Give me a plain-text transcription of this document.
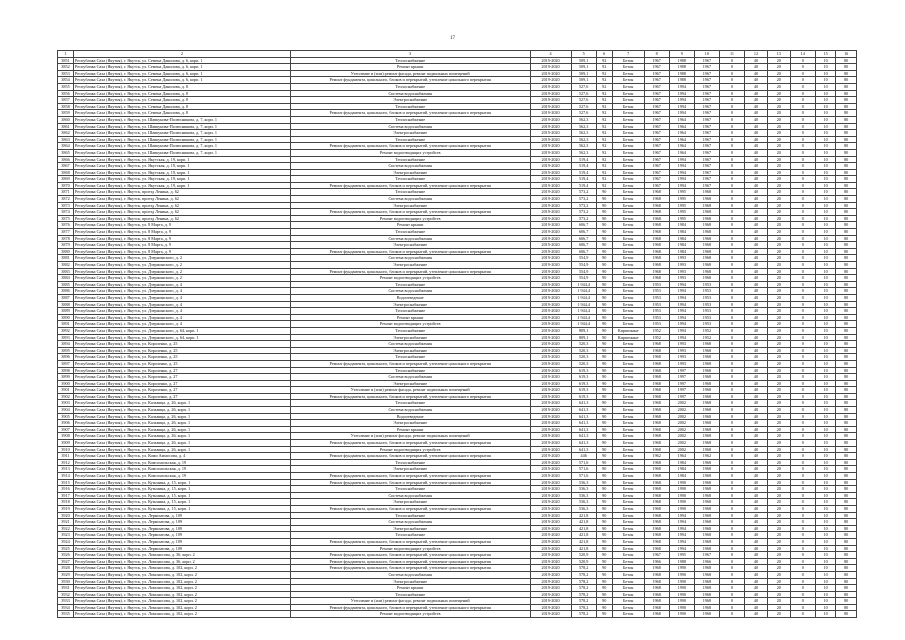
17
1	2	3	4	5	6	7	8	9	10	11	12	13	14	15	16
3851	Республика Саха (Якутия), г. Якутск, ул. Семена Данилова, д. 6, корп. 1	Теплоснабжение	2019-2020	509,1	92	Бетон	1967	1988	1967	0	40	20	0	10	80
3852	Республика Саха (Якутия), г. Якутск, ул. Семена Данилова, д. 6, корп. 1	Ремонт крыши	2019-2020	509,1	92	Бетон	1967	1988	1967	0	40	20	0	10	80
3853	Республика Саха (Якутия), г. Якутск, ул. Семена Данилова, д. 6, корп. 1	Утепление и (или) ремонт фасада, ремонт подвальных помещений	2019-2020	509,1	92	Бетон	1967	1988	1967	0	40	20	0	10	80
3854	Республика Саха (Якутия), г. Якутск, ул. Семена Данилова, д. 6, корп. 1	Ремонт фундамента, цокольного, блоков и перекрытий, утепление цокольного перекрытия	2019-2020	509,1	92	Бетон	1967	1988	1967	0	40	20	0	10	80
3855	Республика Саха (Якутия), г. Якутск, ул. Семена Данилова, д. 8	Теплоснабжение	2019-2020	527,6	92	Бетон	1967	1994	1967	0	40	20	0	10	80
3856	Республика Саха (Якутия), г. Якутск, ул. Семена Данилова, д. 8	Система водоснабжения	2019-2020	527,6	92	Бетон	1967	1994	1967	0	40	20	0	10	80
3857	Республика Саха (Якутия), г. Якутск, ул. Семена Данилова, д. 8	Электроснабжение	2019-2020	527,6	92	Бетон	1967	1994	1967	0	40	20	0	10	80
3858	Республика Саха (Якутия), г. Якутск, ул. Семена Данилова, д. 8	Теплоснабжение	2019-2020	527,6	92	Бетон	1967	1994	1967	0	40	20	0	10	80
3859	Республика Саха (Якутия), г. Якутск, ул. Семена Данилова, д. 8	Ремонт фундамента, цокольного, блоков и перекрытий, утепление цокольного перекрытия	2019-2020	527,6	92	Бетон	1967	1994	1967	0	40	20	0	10	80
3860	Республика Саха (Якутия), г. Якутск, ул. Шавкунова-Полюсникова, д. 7, корп. 1	Теплоснабжение	2019-2020	562,3	92	Бетон	1967	1964	1967	0	40	20	0	10	80
3861	Республика Саха (Якутия), г. Якутск, ул. Шавкунова-Полюсникова, д. 7, корп. 1	Система водоснабжения	2019-2020	562,3	92	Бетон	1967	1964	1967	0	40	20	0	10	80
3862	Республика Саха (Якутия), г. Якутск, ул. Шавкунова-Полюсникова, д. 7, корп. 1	Электроснабжение	2019-2020	562,3	92	Бетон	1967	1964	1967	0	40	20	0	10	80
3863	Республика Саха (Якутия), г. Якутск, ул. Шавкунова-Полюсникова, д. 7, корп. 1	Теплоснабжение	2019-2020	562,3	92	Бетон	1967	1964	1967	0	40	20	0	10	80
3864	Республика Саха (Якутия), г. Якутск, ул. Шавкунова-Полюсникова, д. 7, корп. 1	Ремонт фундамента, цокольного, блоков и перекрытий, утепление цокольного перекрытия	2019-2020	562,3	92	Бетон	1967	1964	1967	0	40	20	0	10	80
3865	Республика Саха (Якутия), г. Якутск, ул. Шавкунова-Полюсникова, д. 7, корп. 1	Ремонт водоотводящих устройств	2019-2020	562,3	92	Бетон	1967	1964	1967	0	40	20	0	10	80
3866	Республика Саха (Якутия), г. Якутск, ул. Якутская, д. 19, корп. 1	Теплоснабжение	2019-2020	519,4	92	Бетон	1967	1994	1967	0	40	20	0	10	80
3867	Республика Саха (Якутия), г. Якутск, ул. Якутская, д. 19, корп. 1	Система водоснабжения	2019-2020	519,4	92	Бетон	1967	1994	1967	0	40	20	0	10	80
3868	Республика Саха (Якутия), г. Якутск, ул. Якутская, д. 19, корп. 1	Электроснабжение	2019-2020	519,4	92	Бетон	1967	1994	1967	0	40	20	0	10	80
3869	Республика Саха (Якутия), г. Якутск, ул. Якутская, д. 19, корп. 1	Теплоснабжение	2019-2020	519,4	92	Бетон	1967	1994	1967	0	40	20	0	10	80
3870	Республика Саха (Якутия), г. Якутск, ул. Якутская, д. 19, корп. 1	Ремонт фундамента, цокольного, блоков и перекрытий, утепление цокольного перекрытия	2019-2020	519,4	92	Бетон	1967	1994	1967	0	40	20	0	10	80
3871	Республика Саха (Якутия), г. Якутск, проезд Ленина, д. 62	Теплоснабжение	2019-2020	573,2	90	Бетон	1968	1995	1968	0	40	20	0	10	80
3872	Республика Саха (Якутия), г. Якутск, проезд Ленина, д. 62	Система водоснабжения	2019-2020	573,2	90	Бетон	1968	1995	1968	0	40	20	0	10	80
3873	Республика Саха (Якутия), г. Якутск, проезд Ленина, д. 62	Электроснабжение	2019-2020	573,2	90	Бетон	1968	1995	1968	0	40	20	0	10	80
3874	Республика Саха (Якутия), г. Якутск, проезд Ленина, д. 62	Ремонт фундамента, цокольного, блоков и перекрытий, утепление цокольного перекрытия	2019-2020	573,2	90	Бетон	1968	1995	1968	0	40	20	0	10	80
3875	Республика Саха (Якутия), г. Якутск, проезд Ленина, д. 62	Ремонт водоотводящих устройств	2019-2020	573,2	90	Бетон	1968	1995	1968	0	40	20	0	10	80
3876	Республика Саха (Якутия), г. Якутск, ул. 8 Марта, д. 9	Ремонт крыши	2019-2020	606,7	90	Бетон	1968	1984	1968	0	40	20	0	10	80
3877	Республика Саха (Якутия), г. Якутск, ул. 8 Марта, д. 9	Теплоснабжение	2019-2020	606,7	90	Бетон	1968	1984	1968	0	40	20	0	10	80
3878	Республика Саха (Якутия), г. Якутск, ул. 8 Марта, д. 9	Система водоснабжения	2019-2020	606,7	90	Бетон	1968	1984	1968	0	40	20	0	10	80
3879	Республика Саха (Якутия), г. Якутск, ул. 8 Марта, д. 9	Электроснабжение	2019-2020	606,7	90	Бетон	1968	1984	1968	0	40	20	0	10	80
3880	Республика Саха (Якутия), г. Якутск, ул. 8 Марта, д. 9	Ремонт фундамента, цокольного, блоков и перекрытий, утепление цокольного перекрытия	2019-2020	606,7	90	Бетон	1968	1984	1968	0	40	20	0	10	80
3881	Республика Саха (Якутия), г. Якутск, ул. Дзержинского, д. 2	Система водоснабжения	2019-2020	554,9	90	Бетон	1968	1993	1968	0	40	20	0	10	80
3882	Республика Саха (Якутия), г. Якутск, ул. Дзержинского, д. 2	Электроснабжение	2019-2020	554,9	90	Бетон	1968	1993	1968	0	40	20	0	10	80
3883	Республика Саха (Якутия), г. Якутск, ул. Дзержинского, д. 2	Ремонт фундамента, цокольного, блоков и перекрытий, утепление цокольного перекрытия	2019-2020	554,9	90	Бетон	1968	1993	1968	0	40	20	0	10	80
3884	Республика Саха (Якутия), г. Якутск, ул. Дзержинского, д. 2	Ремонт водоотводящих устройств	2019-2020	554,9	90	Бетон	1968	1993	1968	0	40	20	0	10	80
3885	Республика Саха (Якутия), г. Якутск, ул. Дзержинского, д. 4	Теплоснабжение	2019-2020	1 944,4	90	Бетон	1953	1994	1953	0	40	20	0	10	80
3886	Республика Саха (Якутия), г. Якутск, ул. Дзержинского, д. 4	Система водоснабжения	2019-2020	1 944,4	90	Бетон	1953	1994	1953	0	40	20	0	10	80
3887	Республика Саха (Якутия), г. Якутск, ул. Дзержинского, д. 4	Водоотведение	2019-2020	1 944,4	90	Бетон	1953	1994	1953	0	40	20	0	10	80
3888	Республика Саха (Якутия), г. Якутск, ул. Дзержинского, д. 4	Электроснабжение	2019-2020	1 944,4	90	Бетон	1953	1994	1953	0	40	20	0	10	80
3889	Республика Саха (Якутия), г. Якутск, ул. Дзержинского, д. 4	Теплоснабжение	2019-2020	1 944,4	90	Бетон	1953	1994	1953	0	40	20	0	10	80
3890	Республика Саха (Якутия), г. Якутск, ул. Дзержинского, д. 4	Ремонт крыши	2019-2020	1 944,4	90	Бетон	1953	1994	1953	0	40	20	0	10	80
3891	Республика Саха (Якутия), г. Якутск, ул. Дзержинского, д. 4	Ремонт водоотводящих устройств	2019-2020	1 944,4	90	Бетон	1953	1994	1953	0	40	20	0	10	80
3892	Республика Саха (Якутия), г. Якутск, ул. Дзержинского, д. 64, корп. 1	Теплоснабжение	2019-2020	809,1	90	Кирпичные	1952	1994	1952	0	40	20	0	10	80
3893	Республика Саха (Якутия), г. Якутск, ул. Дзержинского, д. 64, корп. 1	Электроснабжение	2019-2020	809,1	90	Кирпичные	1952	1994	1952	0	40	20	0	10	80
3894	Республика Саха (Якутия), г. Якутск, ул. Короленко, д. 25	Система водоснабжения	2019-2020	520,3	90	Бетон	1968	1993	1968	0	40	20	0	10	80
3895	Республика Саха (Якутия), г. Якутск, ул. Короленко, д. 25	Электроснабжение	2019-2020	520,3	90	Бетон	1968	1993	1968	0	40	20	0	10	80
3896	Республика Саха (Якутия), г. Якутск, ул. Короленко, д. 25	Теплоснабжение	2019-2020	520,3	90	Бетон	1968	1993	1968	0	40	20	0	10	80
3897	Республика Саха (Якутия), г. Якутск, ул. Короленко, д. 25	Ремонт фундамента, цокольного, блоков и перекрытий, утепление цокольного перекрытия	2019-2020	520,3	90	Бетон	1968	1993	1968	0	40	20	0	10	80
3898	Республика Саха (Якутия), г. Якутск, ул. Короленко, д. 27	Теплоснабжение	2019-2020	619,3	90	Бетон	1968	1997	1968	0	40	20	0	10	80
3899	Республика Саха (Якутия), г. Якутск, ул. Короленко, д. 27	Система водоснабжения	2019-2020	619,3	90	Бетон	1968	1997	1968	0	40	20	0	10	80
3900	Республика Саха (Якутия), г. Якутск, ул. Короленко, д. 27	Электроснабжение	2019-2020	619,3	90	Бетон	1968	1997	1968	0	40	20	0	10	80
3901	Республика Саха (Якутия), г. Якутск, ул. Короленко, д. 27	Утепление и (или) ремонт фасада, ремонт подвальных помещений	2019-2020	619,3	90	Бетон	1968	1997	1968	0	40	20	0	10	80
3902	Республика Саха (Якутия), г. Якутск, ул. Короленко, д. 27	Ремонт фундамента, цокольного, блоков и перекрытий, утепление цокольного перекрытия	2019-2020	619,3	90	Бетон	1968	1997	1968	0	40	20	0	10	80
3903	Республика Саха (Якутия), г. Якутск, ул. Кальвица, д. 26, корп. 1	Теплоснабжение	2019-2020	641,3	90	Бетон	1968	2002	1968	0	40	20	0	10	80
3904	Республика Саха (Якутия), г. Якутск, ул. Кальвица, д. 26, корп. 1	Система водоснабжения	2019-2020	641,3	90	Бетон	1968	2002	1968	0	40	20	0	10	80
3905	Республика Саха (Якутия), г. Якутск, ул. Кальвица, д. 26, корп. 1	Водоотведение	2019-2020	641,3	90	Бетон	1968	2002	1968	0	40	20	0	10	80
3906	Республика Саха (Якутия), г. Якутск, ул. Кальвица, д. 26, корп. 1	Электроснабжение	2019-2020	641,3	90	Бетон	1968	2002	1968	0	40	20	0	10	80
3907	Республика Саха (Якутия), г. Якутск, ул. Кальвица, д. 26, корп. 1	Ремонт крыши	2019-2020	641,3	90	Бетон	1968	2002	1968	0	40	20	0	10	80
3908	Республика Саха (Якутия), г. Якутск, ул. Кальвица, д. 26, корп. 1	Утепление и (или) ремонт фасада, ремонт подвальных помещений	2019-2020	641,3	90	Бетон	1968	2002	1968	0	40	20	0	10	80
3909	Республика Саха (Якутия), г. Якутск, ул. Кальвица, д. 26, корп. 1	Ремонт фундамента, цокольного, блоков и перекрытий, утепление цокольного перекрытия	2019-2020	641,3	90	Бетон	1968	2002	1968	0	40	20	0	10	80
3910	Республика Саха (Якутия), г. Якутск, ул. Кальвица, д. 26, корп. 1	Ремонт водоотводящих устройств	2019-2020	641,3	90	Бетон	1968	2002	1968	0	40	20	0	10	80
3911	Республика Саха (Якутия), г. Якутск, ул. Коми Аммосова, д. 4	Ремонт фундамента, цокольного, блоков и перекрытий, утепление цокольного перекрытия	2019-2020	446	90	Бетон	1962	1964	1962	0	40	20	0	10	80
3912	Республика Саха (Якутия), г. Якутск, ул. Комсомольская, д. 19	Теплоснабжение	2019-2020	571,6	90	Бетон	1968	1984	1968	0	40	20	0	10	80
3913	Республика Саха (Якутия), г. Якутск, ул. Комсомольская, д. 19	Электроснабжение	2019-2020	571,6	90	Бетон	1968	1984	1968	0	40	20	0	10	80
3914	Республика Саха (Якутия), г. Якутск, ул. Комсомольская, д. 19	Ремонт фундамента, цокольного, блоков и перекрытий, утепление цокольного перекрытия	2019-2020	571,6	90	Бетон	1968	1984	1968	0	40	20	0	10	80
3915	Республика Саха (Якутия), г. Якутск, ул. Кузьмина, д. 15, корп. 1	Ремонт фундамента, цокольного, блоков и перекрытий, утепление цокольного перекрытия	2019-2020	536,3	90	Бетон	1968	1990	1968	0	40	20	0	10	80
3916	Республика Саха (Якутия), г. Якутск, ул. Кузьмина, д. 15, корп. 1	Теплоснабжение	2019-2020	536,3	90	Бетон	1968	1990	1968	0	40	20	0	10	80
3917	Республика Саха (Якутия), г. Якутск, ул. Кузьмина, д. 15, корп. 1	Система водоснабжения	2019-2020	536,3	90	Бетон	1968	1990	1968	0	40	20	0	10	80
3918	Республика Саха (Якутия), г. Якутск, ул. Кузьмина, д. 15, корп. 1	Электроснабжение	2019-2020	536,3	90	Бетон	1968	1990	1968	0	40	20	0	10	80
3919	Республика Саха (Якутия), г. Якутск, ул. Кузьмина, д. 15, корп. 1	Ремонт фундамента, цокольного, блоков и перекрытий, утепление цокольного перекрытия	2019-2020	536,3	90	Бетон	1968	1990	1968	0	40	20	0	10	80
3920	Республика Саха (Якутия), г. Якутск, ул. Лермонтова, д. 109	Теплоснабжение	2019-2020	421,8	90	Бетон	1968	1994	1968	0	40	20	0	10	80
3921	Республика Саха (Якутия), г. Якутск, ул. Лермонтова, д. 109	Система водоснабжения	2019-2020	421,8	90	Бетон	1968	1994	1968	0	40	20	0	10	80
3922	Республика Саха (Якутия), г. Якутск, ул. Лермонтова, д. 109	Электроснабжение	2019-2020	421,8	90	Бетон	1968	1994	1968	0	40	20	0	10	80
3923	Республика Саха (Якутия), г. Якутск, ул. Лермонтова, д. 109	Теплоснабжение	2019-2020	421,8	90	Бетон	1968	1994	1968	0	40	20	0	10	80
3924	Республика Саха (Якутия), г. Якутск, ул. Лермонтова, д. 109	Ремонт фундамента, цокольного, блоков и перекрытий, утепление цокольного перекрытия	2019-2020	421,8	90	Бетон	1968	1994	1968	0	40	20	0	10	80
3925	Республика Саха (Якутия), г. Якутск, ул. Лермонтова, д. 109	Ремонт водоотводящих устройств	2019-2020	421,8	90	Бетон	1968	1994	1968	0	40	20	0	10	80
3926	Республика Саха (Якутия), г. Якутск, ул. Ломоносова, д. 36, корп. 2	Ремонт фундамента, цокольного, блоков и перекрытий, утепление цокольного перекрытия	2019-2020	520,9	90	Бетон	1967	1995	1967	0	40	20	0	10	80
3927	Республика Саха (Якутия), г. Якутск, ул. Ломоносова, д. 36, корп. 2	Ремонт фундамента, цокольного, блоков и перекрытий, утепление цокольного перекрытия	2019-2020	520,9	90	Бетон	1966	1988	1966	0	40	20	0	10	80
3928	Республика Саха (Якутия), г. Якутск, ул. Ломоносова, д. 102, корп. 2	Ремонт фундамента, цокольного, блоков и перекрытий, утепление цокольного перекрытия	2019-2020	578,2	90	Бетон	1968	1990	1968	0	40	20	0	10	80
3929	Республика Саха (Якутия), г. Якутск, ул. Ломоносова, д. 102, корп. 2	Система водоснабжения	2019-2020	578,2	90	Бетон	1968	1990	1968	0	40	20	0	10	80
3930	Республика Саха (Якутия), г. Якутск, ул. Ломоносова, д. 102, корп. 2	Электроснабжение	2019-2020	578,2	90	Бетон	1968	1990	1968	0	40	20	0	10	80
3931	Республика Саха (Якутия), г. Якутск, ул. Ломоносова, д. 102, корп. 2	Ремонт крыши	2019-2020	578,2	90	Бетон	1968	1990	1968	0	40	20	0	10	80
3932	Республика Саха (Якутия), г. Якутск, ул. Ломоносова, д. 102, корп. 2	Теплоснабжение	2019-2020	578,2	90	Бетон	1968	1990	1968	0	40	20	0	10	80
3933	Республика Саха (Якутия), г. Якутск, ул. Ломоносова, д. 102, корп. 2	Утепление и (или) ремонт фасада, ремонт подвальных помещений	2019-2020	578,2	90	Бетон	1968	1990	1968	0	40	20	0	10	80
3934	Республика Саха (Якутия), г. Якутск, ул. Ломоносова, д. 102, корп. 2	Ремонт фундамента, цокольного, блоков и перекрытий, утепление цокольного перекрытия	2019-2020	578,2	90	Бетон	1968	1990	1968	0	40	20	0	10	80
3935	Республика Саха (Якутия), г. Якутск, ул. Ломоносова, д. 102, корп. 2	Ремонт водоотводящих устройств	2019-2020	578,2	90	Бетон	1968	1990	1968	0	40	20	0	10	80
